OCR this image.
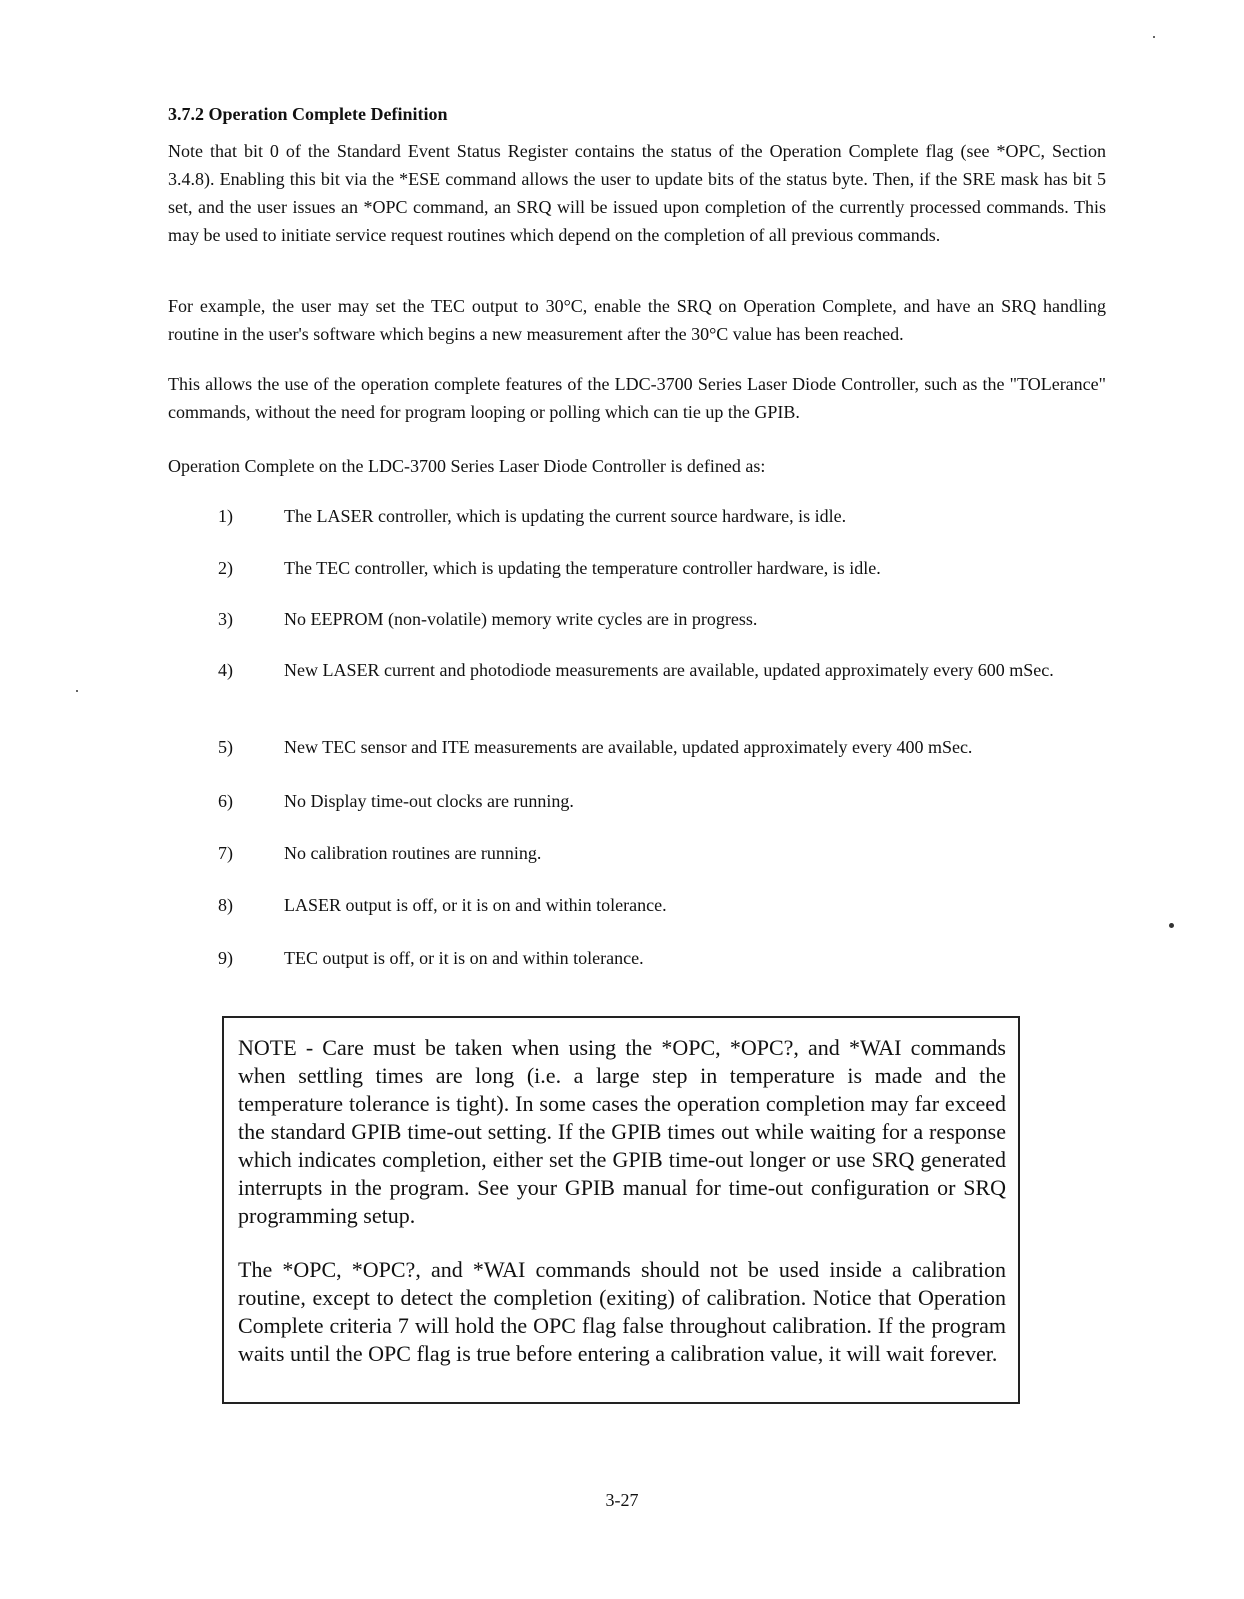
3.7.2 Operation Complete Definition

Note that bit 0 of the Standard Event Status Register contains the status of the Operation Complete flag (see *OPC, Section 3.4.8). Enabling this bit via the *ESE command allows the user to update bits of the status byte. Then, if the SRE mask has bit 5 set, and the user issues an *OPC command, an SRQ will be issued upon completion of the currently processed commands. This may be used to initiate service request routines which depend on the completion of all previous commands.

For example, the user may set the TEC output to 30°C, enable the SRQ on Operation Complete, and have an SRQ handling routine in the user's software which begins a new measurement after the 30°C value has been reached.

This allows the use of the operation complete features of the LDC-3700 Series Laser Diode Controller, such as the "TOLerance" commands, without the need for program looping or polling which can tie up the GPIB.

Operation Complete on the LDC-3700 Series Laser Diode Controller is defined as:

1)	The LASER controller, which is updating the current source hardware, is idle.
2)	The TEC controller, which is updating the temperature controller hardware, is idle.
3)	No EEPROM (non-volatile) memory write cycles are in progress.
4)	New LASER current and photodiode measurements are available, updated approximately every 600 mSec.
5)	New TEC sensor and ITE measurements are available, updated approximately every 400 mSec.
6)	No Display time-out clocks are running.
7)	No calibration routines are running.
8)	LASER output is off, or it is on and within tolerance.
9)	TEC output is off, or it is on and within tolerance.

NOTE - Care must be taken when using the *OPC, *OPC?, and *WAI commands when settling times are long (i.e. a large step in temperature is made and the temperature tolerance is tight). In some cases the operation completion may far exceed the standard GPIB time-out setting. If the GPIB times out while waiting for a response which indicates completion, either set the GPIB time-out longer or use SRQ generated interrupts in the program. See your GPIB manual for time-out configuration or SRQ programming setup.

The *OPC, *OPC?, and *WAI commands should not be used inside a calibration routine, except to detect the completion (exiting) of calibration. Notice that Operation Complete criteria 7 will hold the OPC flag false throughout calibration. If the program waits until the OPC flag is true before entering a calibration value, it will wait forever.

3-27
